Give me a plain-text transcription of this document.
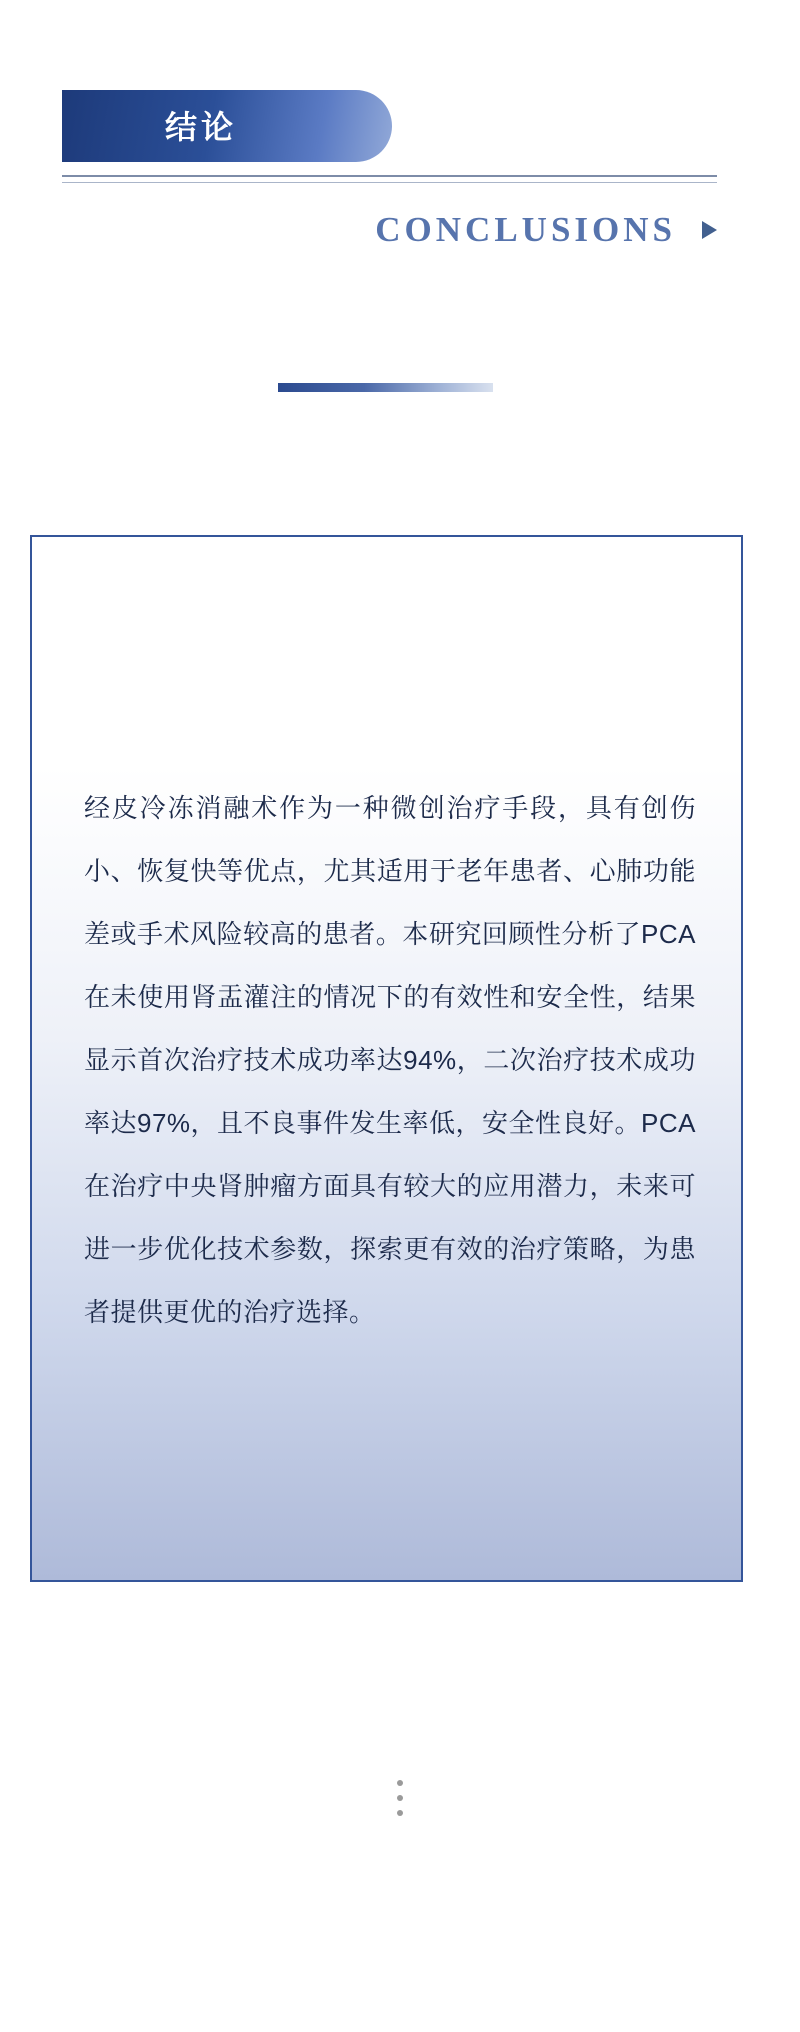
结论
CONCLUSIONS

经皮冷冻消融术作为一种微创治疗手段，具有创伤小、恢复快等优点，尤其适用于老年患者、心肺功能差或手术风险较高的患者。本研究回顾性分析了PCA在未使用肾盂灌注的情况下的有效性和安全性，结果显示首次治疗技术成功率达94%，二次治疗技术成功率达97%，且不良事件发生率低，安全性良好。PCA在治疗中央肾肿瘤方面具有较大的应用潜力，未来可进一步优化技术参数，探索更有效的治疗策略，为患者提供更优的治疗选择。
